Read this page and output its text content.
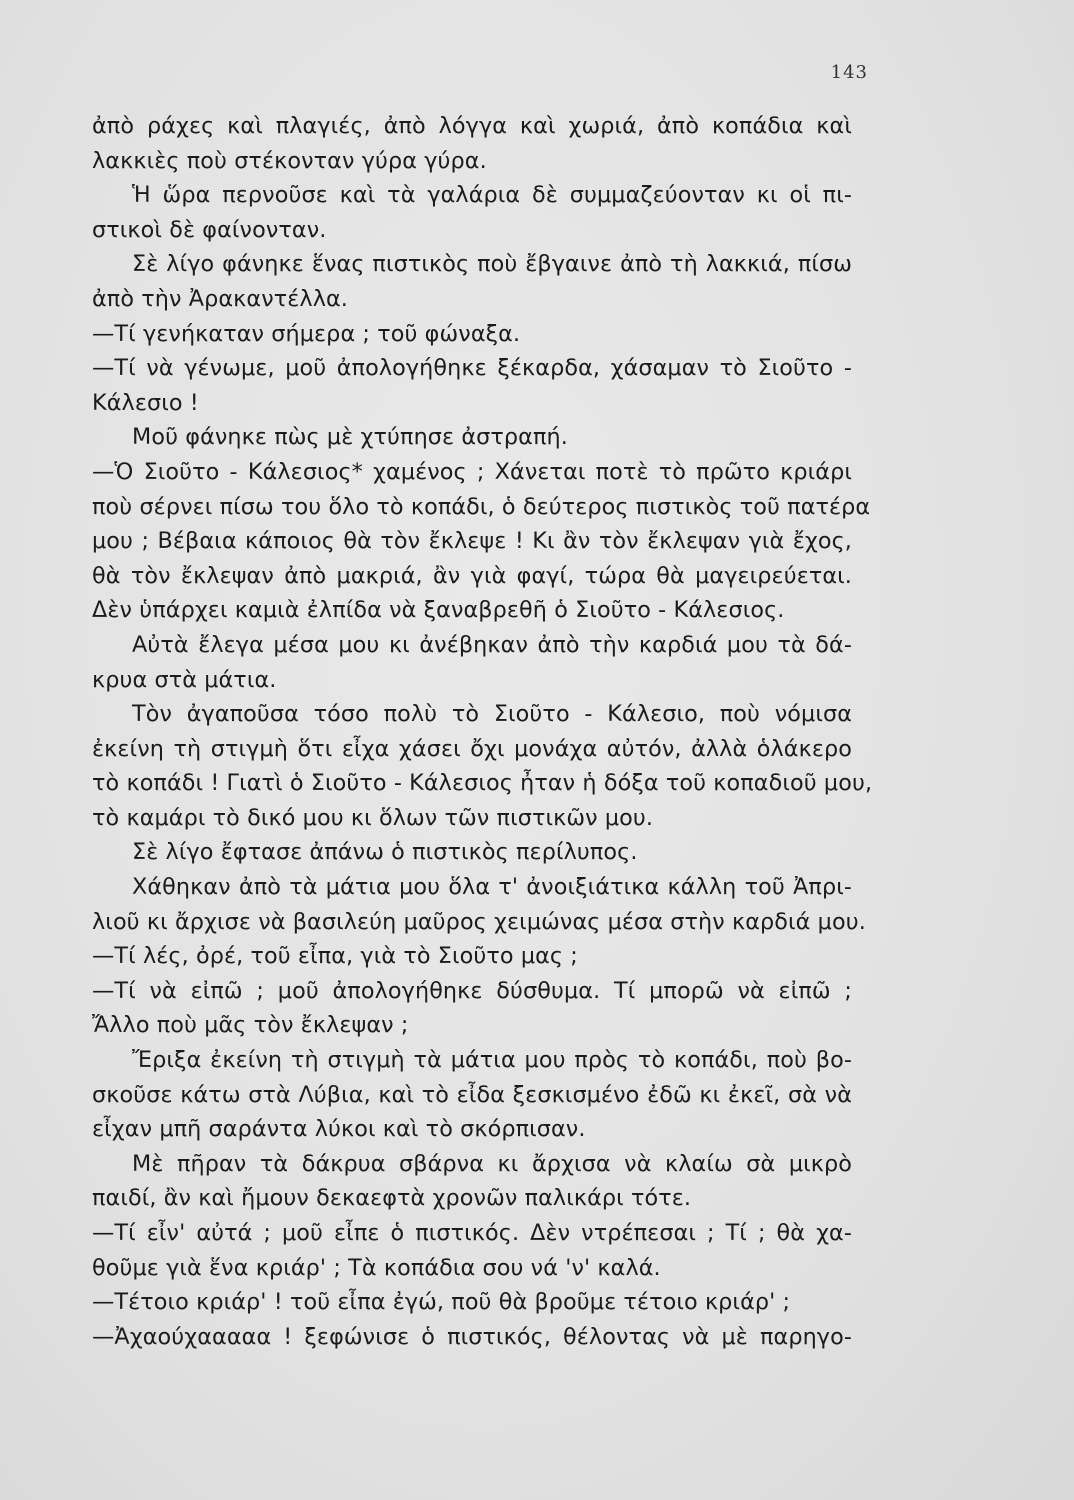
143
ἀπὸ ράχες καὶ πλαγιές, ἀπὸ λόγγα καὶ χωριά, ἀπὸ κοπάδια καὶ
λακκιὲς ποὺ στέκονταν γύρα γύρα.
Ἡ ὥρα περνοῦσε καὶ τὰ γαλάρια δὲ συμμαζεύονταν κι οἱ πι-
στικοὶ δὲ φαίνονταν.
Σὲ λίγο φάνηκε ἕνας πιστικὸς ποὺ ἔβγαινε ἀπὸ τὴ λακκιά, πίσω
ἀπὸ τὴν Ἀρακαντέλλα.
—Τί γενήκαταν σήμερα ; τοῦ φώναξα.
—Τί νὰ γένωμε, μοῦ ἀπολογήθηκε ξέκαρδα, χάσαμαν τὸ Σιοῦτο -
Κάλεσιο !
Μοῦ φάνηκε πὼς μὲ χτύπησε ἀστραπή.
—Ὁ Σιοῦτο - Κάλεσιος* χαμένος ; Χάνεται ποτὲ τὸ πρῶτο κριάρι
ποὺ σέρνει πίσω του ὅλο τὸ κοπάδι, ὁ δεύτερος πιστικὸς τοῦ πατέρα
μου ; Βέβαια κάποιος θὰ τὸν ἔκλεψε ! Κι ἂν τὸν ἔκλεψαν γιὰ ἔχος,
θὰ τὸν ἔκλεψαν ἀπὸ μακριά, ἂν γιὰ φαγί, τώρα θὰ μαγειρεύεται.
Δὲν ὑπάρχει καμιὰ ἐλπίδα νὰ ξαναβρεθῆ ὁ Σιοῦτο - Κάλεσιος.
Αὐτὰ ἔλεγα μέσα μου κι ἀνέβηκαν ἀπὸ τὴν καρδιά μου τὰ δά-
κρυα στὰ μάτια.
Τὸν ἀγαποῦσα τόσο πολὺ τὸ Σιοῦτο - Κάλεσιο, ποὺ νόμισα
ἐκείνη τὴ στιγμὴ ὅτι εἶχα χάσει ὄχι μονάχα αὐτόν, ἀλλὰ ὁλάκερο
τὸ κοπάδι ! Γιατὶ ὁ Σιοῦτο - Κάλεσιος ἦταν ἡ δόξα τοῦ κοπαδιοῦ μου,
τὸ καμάρι τὸ δικό μου κι ὅλων τῶν πιστικῶν μου.
Σὲ λίγο ἔφτασε ἀπάνω ὁ πιστικὸς περίλυπος.
Χάθηκαν ἀπὸ τὰ μάτια μου ὅλα τ' ἀνοιξιάτικα κάλλη τοῦ Ἀπρι-
λιοῦ κι ἄρχισε νὰ βασιλεύη μαῦρος χειμώνας μέσα στὴν καρδιά μου.
—Τί λές, ὀρέ, τοῦ εἶπα, γιὰ τὸ Σιοῦτο μας ;
—Τί νὰ εἰπῶ ; μοῦ ἀπολογήθηκε δύσθυμα. Τί μπορῶ νὰ εἰπῶ ;
Ἄλλο ποὺ μᾶς τὸν ἔκλεψαν ;
Ἔριξα ἐκείνη τὴ στιγμὴ τὰ μάτια μου πρὸς τὸ κοπάδι, ποὺ βο-
σκοῦσε κάτω στὰ Λύβια, καὶ τὸ εἶδα ξεσκισμένο ἐδῶ κι ἐκεῖ, σὰ νὰ
εἶχαν μπῆ σαράντα λύκοι καὶ τὸ σκόρπισαν.
Μὲ πῆραν τὰ δάκρυα σβάρνα κι ἄρχισα νὰ κλαίω σὰ μικρὸ
παιδί, ἂν καὶ ἤμουν δεκαεφτὰ χρονῶν παλικάρι τότε.
—Τί εἶν' αὐτά ; μοῦ εἶπε ὁ πιστικός. Δὲν ντρέπεσαι ; Τί ; θὰ χα-
θοῦμε γιὰ ἕνα κριάρ' ; Τὰ κοπάδια σου νά 'ν' καλά.
—Τέτοιο κριάρ' ! τοῦ εἶπα ἐγώ, ποῦ θὰ βροῦμε τέτοιο κριάρ' ;
—Ἀχαούχααααα ! ξεφώνισε ὁ πιστικός, θέλοντας νὰ μὲ παρηγο-
